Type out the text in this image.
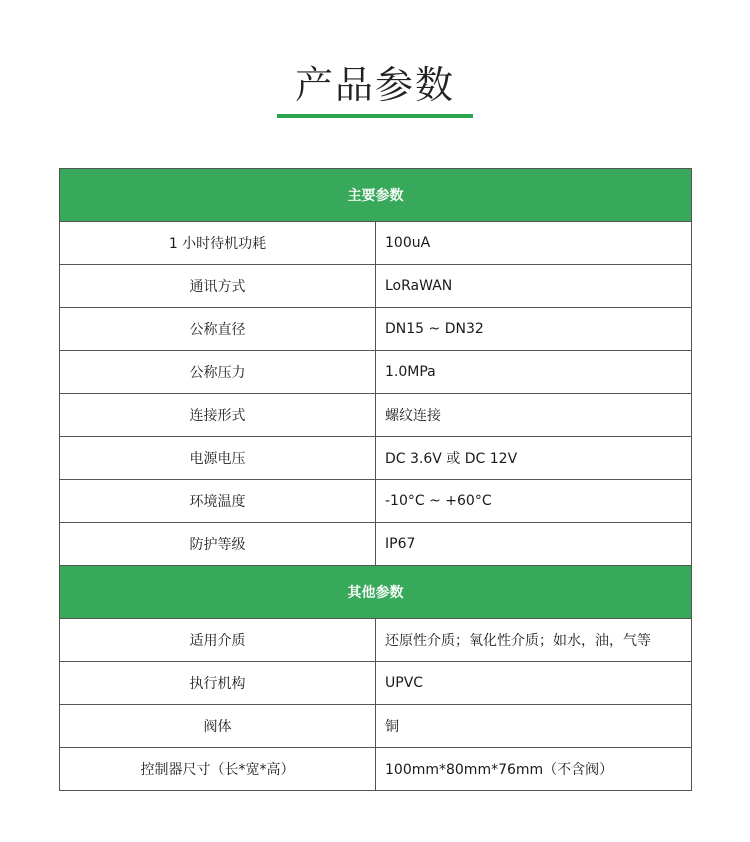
产品参数
主要参数	
1 小时待机功耗	100uA
通讯方式	LoRaWAN
公称直径	DN15 ~ DN32
公称压力	1.0MPa
连接形式	螺纹连接
电源电压	DC 3.6V 或 DC 12V
环境温度	-10°C ~ +60°C
防护等级	IP67
其他参数	
适用介质	还原性介质；氧化性介质；如水，油，气等
执行机构	UPVC
阀体	铜
控制器尺寸（长*宽*高）	100mm*80mm*76mm（不含阀）
